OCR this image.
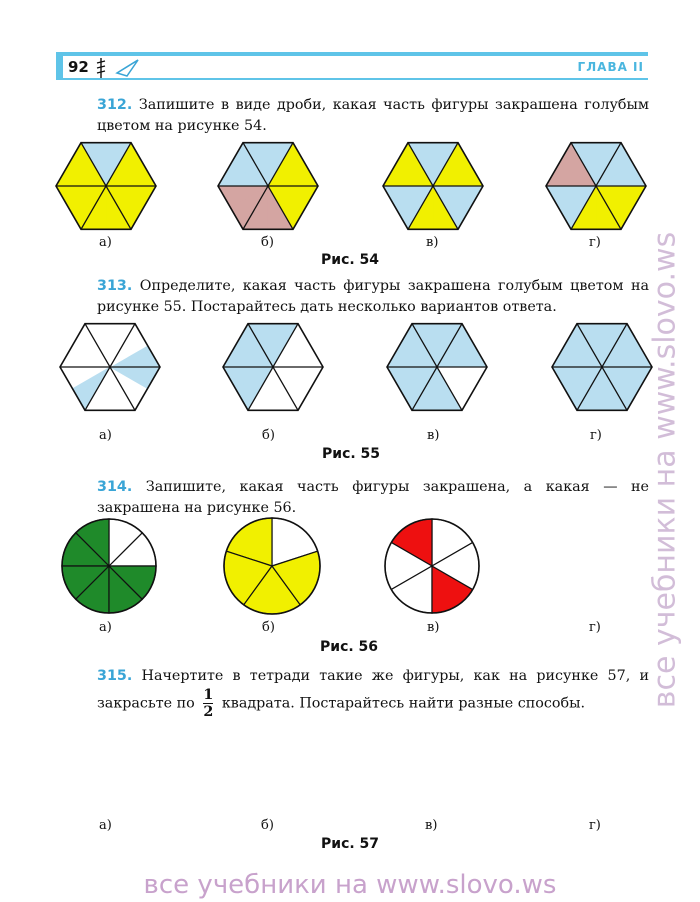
92	ГЛАВА II
все учебники на www.slovo.ws
312. Запишите в виде дроби, какая часть фигуры закрашена голубым цветом на рисунке 54.
а)	б)	в)	г)
Рис. 54
313. Определите, какая часть фигуры закрашена голубым цветом на рисунке 55. Постарайтесь дать несколько вариантов ответа.
а)	б)	в)	г)
Рис. 55
314. Запишите, какая часть фигуры закрашена, а какая — не закрашена на рисунке 56.
а)	б)	в)	г)
Рис. 56
315. Начертите в тетради такие же фигуры, как на рисунке 57, и закрасьте по $\frac{1}{2}$ квадрата. Постарайтесь найти разные способы.
а)	б)	в)	г)
Рис. 57
все учебники на www.slovo.ws
